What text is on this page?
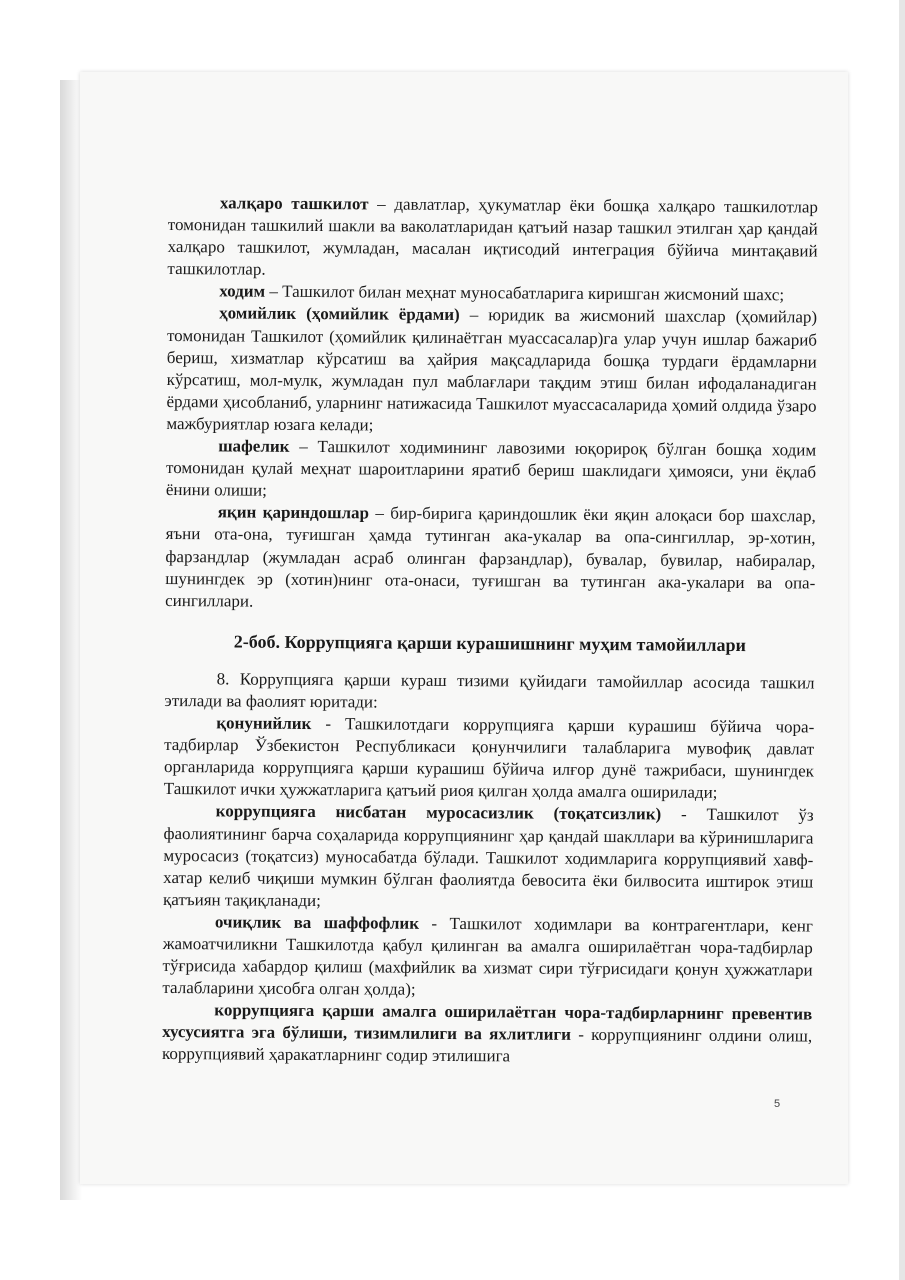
халқаро ташкилот – давлатлар, ҳукуматлар ёки бошқа халқаро ташкилотлар томонидан ташкилий шакли ва ваколатларидан қатъий назар ташкил этилган ҳар қандай халқаро ташкилот, жумладан, масалан иқтисодий интеграция бўйича минтақавий ташкилотлар.

ходим – Ташкилот билан меҳнат муносабатларига киришган жисмоний шахс;

ҳомийлик (ҳомийлик ёрдами) – юридик ва жисмоний шахслар (ҳомийлар) томонидан Ташкилот (ҳомийлик қилинаётган муассасалар)га улар учун ишлар бажариб бериш, хизматлар кўрсатиш ва ҳайрия мақсадларида бошқа турдаги ёрдамларни кўрсатиш, мол-мулк, жумладан пул маблағлари тақдим этиш билан ифодаланадиган ёрдами ҳисобланиб, уларнинг натижасида Ташкилот муассасаларида ҳомий олдида ўзаро мажбуриятлар юзага келади;

шафелик – Ташкилот ходимининг лавозими юқорироқ бўлган бошқа ходим томонидан қулай меҳнат шароитларини яратиб бериш шаклидаги ҳимояси, уни ёқлаб ёнини олиши;

яқин қариндошлар – бир-бирига қариндошлик ёки яқин алоқаси бор шахслар, яъни ота-она, туғишган ҳамда тутинган ака-укалар ва опа-сингиллар, эр-хотин, фарзандлар (жумладан асраб олинган фарзандлар), бувалар, бувилар, набиралар, шунингдек эр (хотин)нинг ота-онаси, туғишган ва тутинган ака-укалари ва опа-сингиллари.

2-боб. Коррупцияга қарши курашишнинг муҳим тамойиллари

8. Коррупцияга қарши кураш тизими қуйидаги тамойиллар асосида ташкил этилади ва фаолият юритади:

қонунийлик - Ташкилотдаги коррупцияга қарши курашиш бўйича чора-тадбирлар Ўзбекистон Республикаси қонунчилиги талабларига мувофиқ давлат органларида коррупцияга қарши курашиш бўйича илғор дунё тажрибаси, шунингдек Ташкилот ички ҳужжатларига қатъий риоя қилган ҳолда амалга оширилади;

коррупцияга нисбатан муросасизлик (тоқатсизлик) - Ташкилот ўз фаолиятининг барча соҳаларида коррупциянинг ҳар қандай шакллари ва кўринишларига муросасиз (тоқатсиз) муносабатда бўлади. Ташкилот ходимларига коррупциявий хавф-хатар келиб чиқиши мумкин бўлган фаолиятда бевосита ёки билвосита иштирок этиш қатъиян тақиқланади;

очиқлик ва шаффофлик - Ташкилот ходимлари ва контрагентлари, кенг жамоатчиликни Ташкилотда қабул қилинган ва амалга оширилаётган чора-тадбирлар тўғрисида хабардор қилиш (махфийлик ва хизмат сири тўғрисидаги қонун ҳужжатлари талабларини ҳисобга олган ҳолда);

коррупцияга қарши амалга оширилаётган чора-тадбирларнинг превентив хусусиятга эга бўлиши, тизимлилиги ва яхлитлиги - коррупциянинг олдини олиш, коррупциявий ҳаракатларнинг содир этилишига

5
